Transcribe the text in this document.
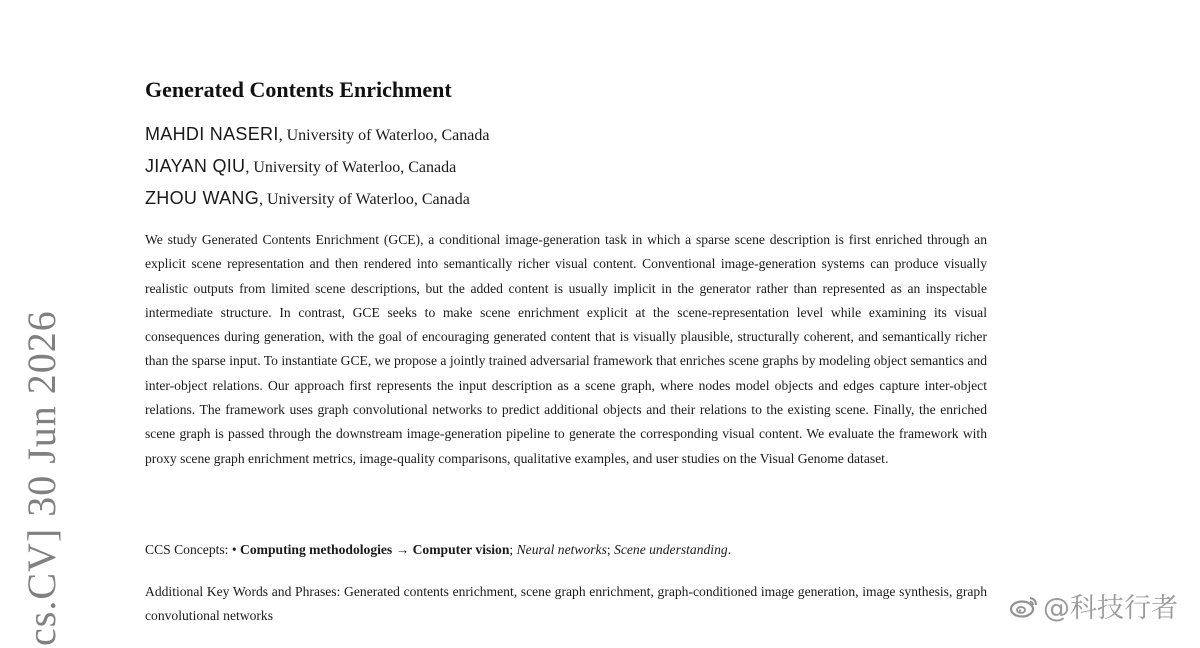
cs.CV] 30 Jun 2026
Generated Contents Enrichment
MAHDI NASERI, University of Waterloo, Canada
JIAYAN QIU, University of Waterloo, Canada
ZHOU WANG, University of Waterloo, Canada

We study Generated Contents Enrichment (GCE), a conditional image-generation task in which a sparse scene description is first enriched through an explicit scene representation and then rendered into semantically richer visual content. Conventional image-generation systems can produce visually realistic outputs from limited scene descriptions, but the added content is usually implicit in the generator rather than represented as an inspectable intermediate structure. In contrast, GCE seeks to make scene enrichment explicit at the scene-representation level while examining its visual consequences during generation, with the goal of encouraging generated content that is visually plausible, structurally coherent, and semantically richer than the sparse input. To instantiate GCE, we propose a jointly trained adversarial framework that enriches scene graphs by modeling object semantics and inter-object relations. Our approach first represents the input description as a scene graph, where nodes model objects and edges capture inter-object relations. The framework uses graph convolutional networks to predict additional objects and their relations to the existing scene. Finally, the enriched scene graph is passed through the downstream image-generation pipeline to generate the corresponding visual content. We evaluate the framework with proxy scene graph enrichment metrics, image-quality comparisons, qualitative examples, and user studies on the Visual Genome dataset.

CCS Concepts: • Computing methodologies → Computer vision; Neural networks; Scene understanding.

Additional Key Words and Phrases: Generated contents enrichment, scene graph enrichment, graph-conditioned image generation, image synthesis, graph convolutional networks	@科技行者
